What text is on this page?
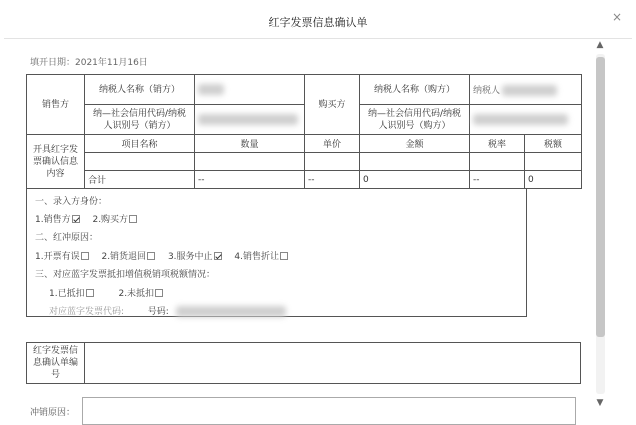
红字发票信息确认单	×
填开日期：2021年11月16日
销售方	纳税人名称（销方）		购买方	纳税人名称（购方）	纳税人	
	纳—社会信用代码/纳税
人识别号（销方）			纳—社会信用代码/纳税
人识别号（购方）		
开具红字发
票确认信息
内容	项目名称	数量	单价	金额	税率	税额

	合计	--	--	0	--	0
一、录入方身份：
1.销售方 2.购买方
二、红冲原因：
1.开票有误 2.销货退回 3.服务中止 4.销售折让
三、对应蓝字发票抵扣增值税销项税额情况：
1.已抵扣	2.未抵扣
对应蓝字发票代码:	号码:
红字发票信
息确认单编
号
冲销原因：
▲
▼
